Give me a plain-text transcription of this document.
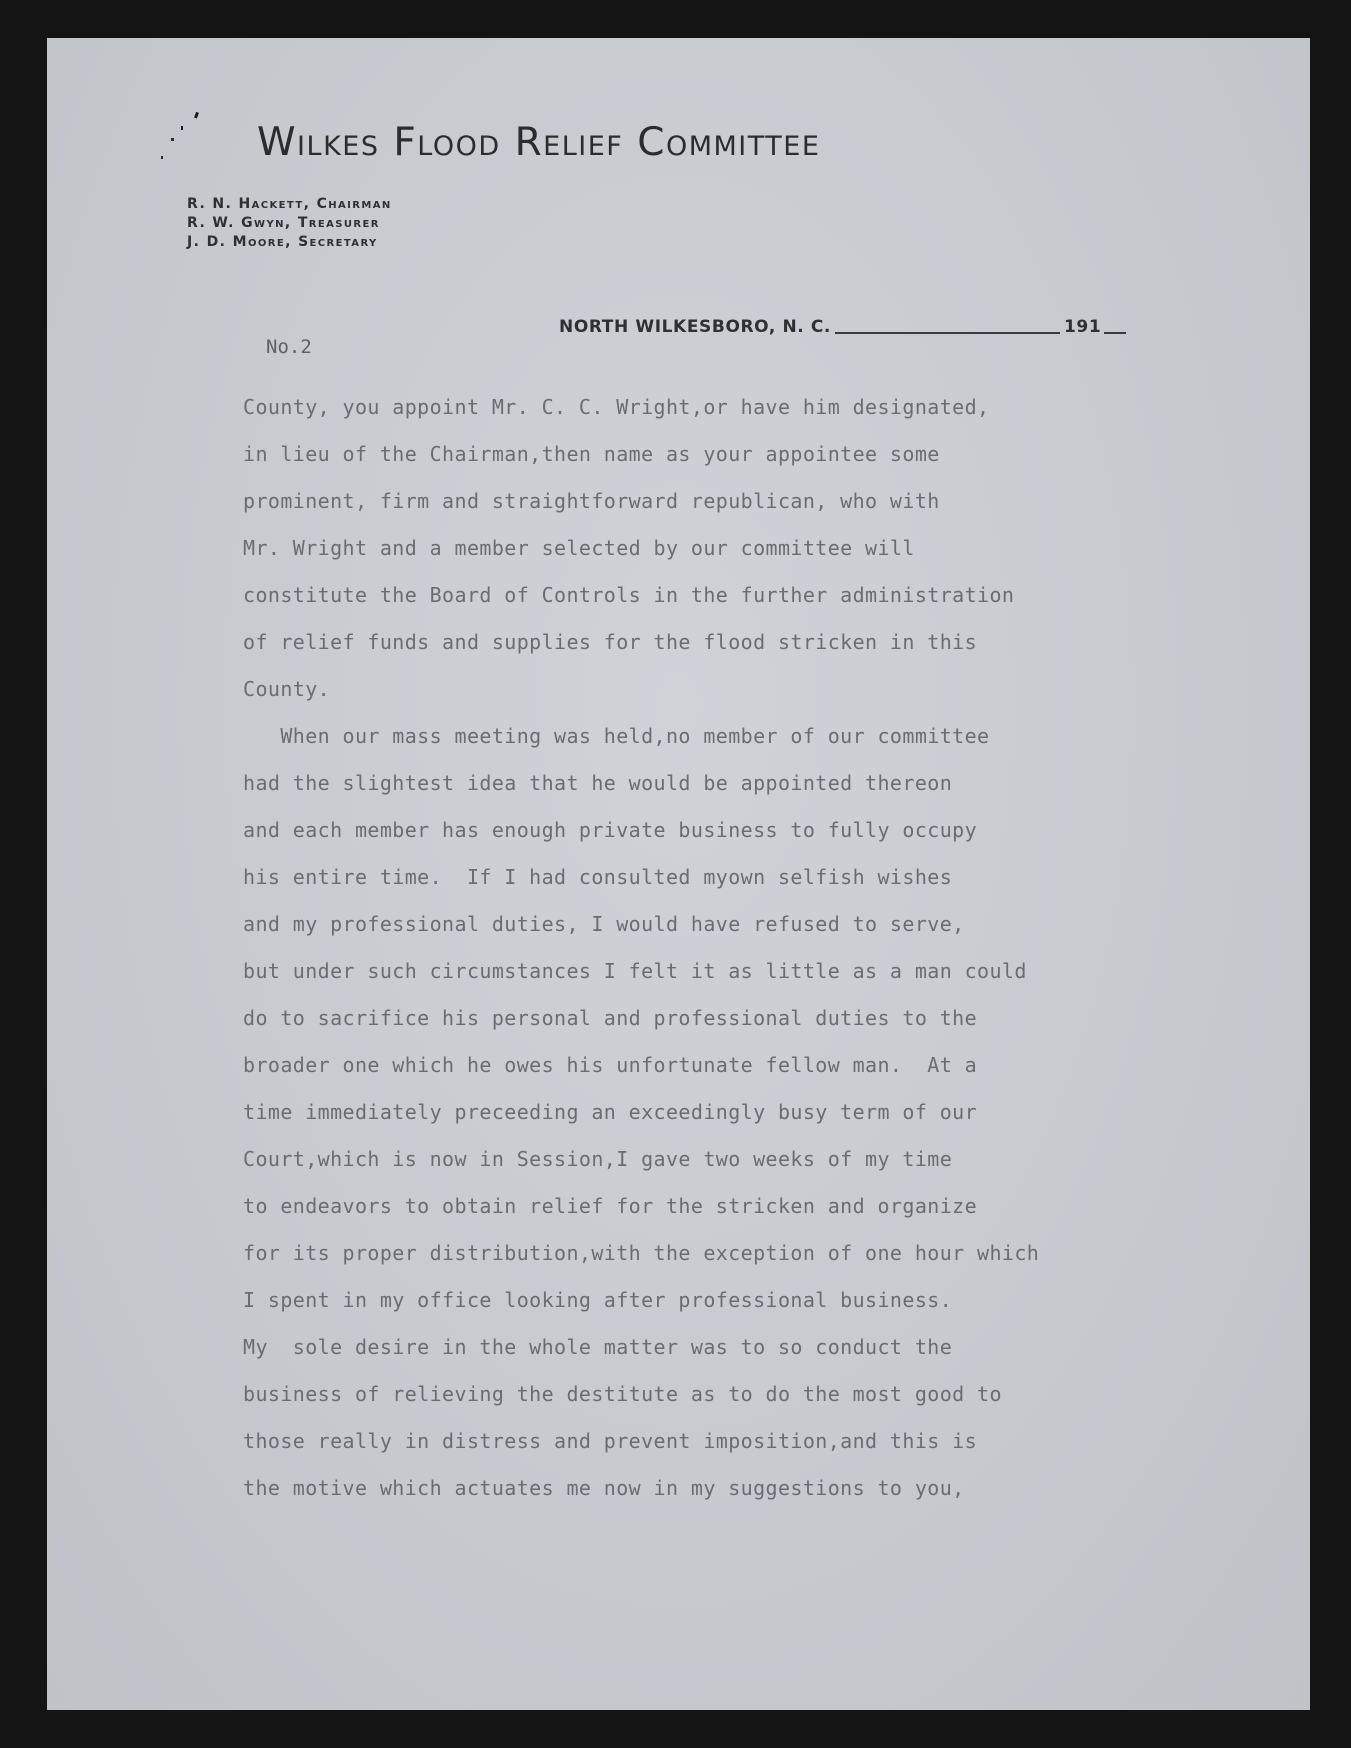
Wilkes Flood Relief Committee
R. N. Hackett, Chairman
R. W. Gwyn, Treasurer
J. D. Moore, Secretary
NORTH WILKESBORO, N. C.	191
No.2
County, you appoint Mr. C. C. Wright,or have him designated,
in lieu of the Chairman,then name as your appointee some
prominent, firm and straightforward republican, who with
Mr. Wright and a member selected by our committee will
constitute the Board of Controls in the further administration
of relief funds and supplies for the flood stricken in this
County.
When our mass meeting was held,no member of our committee
had the slightest idea that he would be appointed thereon
and each member has enough private business to fully occupy
his entire time.  If I had consulted myown selfish wishes
and my professional duties, I would have refused to serve,
but under such circumstances I felt it as little as a man could
do to sacrifice his personal and professional duties to the
broader one which he owes his unfortunate fellow man.  At a
time immediately preceeding an exceedingly busy term of our
Court,which is now in Session,I gave two weeks of my time
to endeavors to obtain relief for the stricken and organize
for its proper distribution,with the exception of one hour which
I spent in my office looking after professional business.
My  sole desire in the whole matter was to so conduct the
business of relieving the destitute as to do the most good to
those really in distress and prevent imposition,and this is
the motive which actuates me now in my suggestions to you,
